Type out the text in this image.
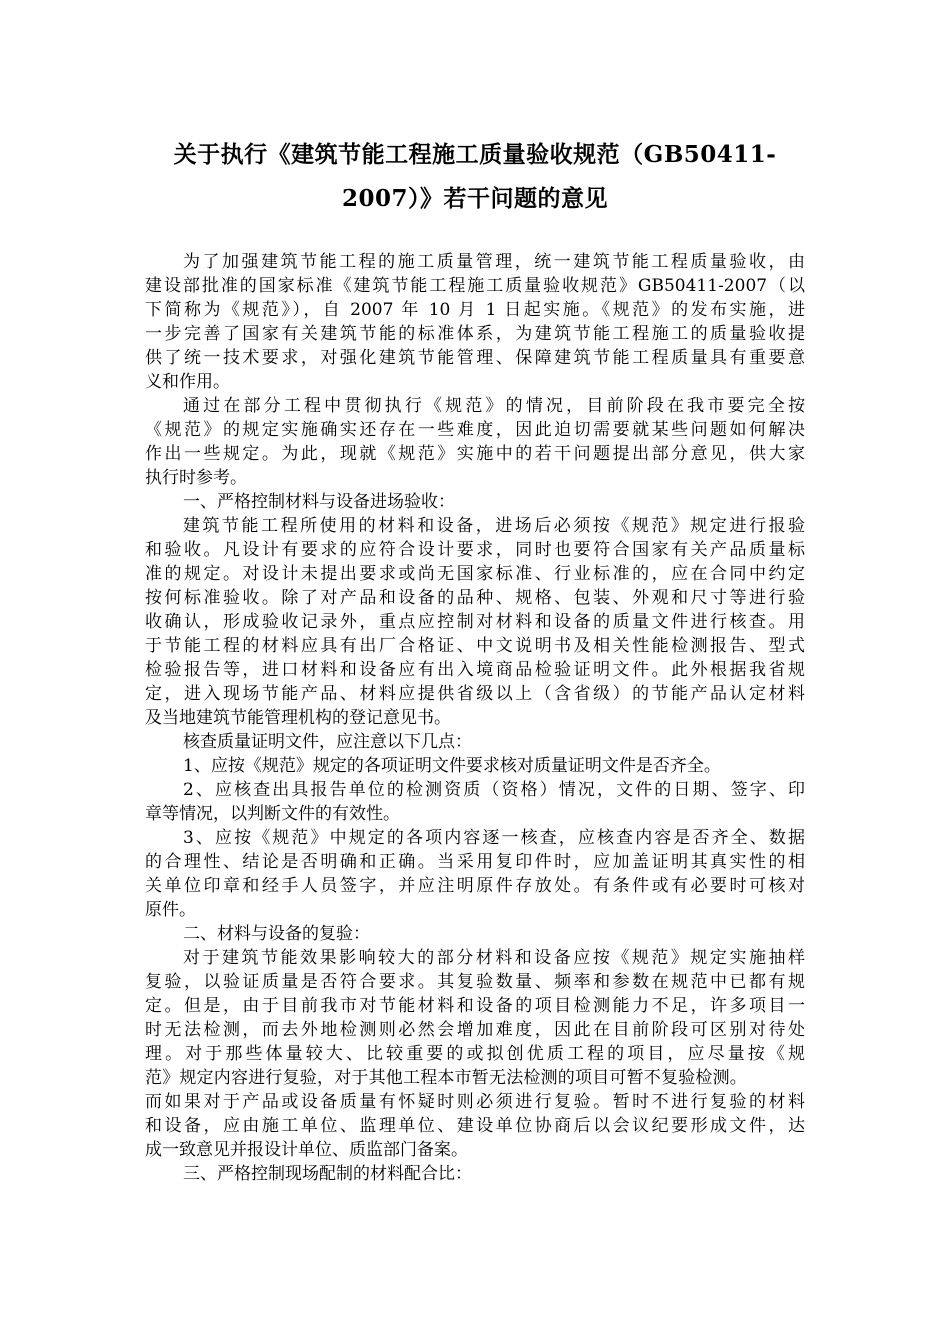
关于执行《建筑节能工程施工质量验收规范（GB50411-
2007）》若干问题的意见
为了加强建筑节能工程的施工质量管理，统一建筑节能工程质量验收，由
建设部批准的国家标准《建筑节能工程施工质量验收规范》GB50411-2007（以
下简称为《规范》），自 2007 年 10 月 1 日起实施。《规范》的发布实施，进
一步完善了国家有关建筑节能的标准体系，为建筑节能工程施工的质量验收提
供了统一技术要求，对强化建筑节能管理、保障建筑节能工程质量具有重要意
义和作用。
通过在部分工程中贯彻执行《规范》的情况，目前阶段在我市要完全按
《规范》的规定实施确实还存在一些难度，因此迫切需要就某些问题如何解决
作出一些规定。为此，现就《规范》实施中的若干问题提出部分意见，供大家
执行时参考。
一、严格控制材料与设备进场验收：
建筑节能工程所使用的材料和设备，进场后必须按《规范》规定进行报验
和验收。凡设计有要求的应符合设计要求，同时也要符合国家有关产品质量标
准的规定。对设计未提出要求或尚无国家标准、行业标准的，应在合同中约定
按何标准验收。除了对产品和设备的品种、规格、包装、外观和尺寸等进行验
收确认，形成验收记录外，重点应控制对材料和设备的质量文件进行核查。用
于节能工程的材料应具有出厂合格证、中文说明书及相关性能检测报告、型式
检验报告等，进口材料和设备应有出入境商品检验证明文件。此外根据我省规
定，进入现场节能产品、材料应提供省级以上（含省级）的节能产品认定材料
及当地建筑节能管理机构的登记意见书。
核查质量证明文件，应注意以下几点：
1、应按《规范》规定的各项证明文件要求核对质量证明文件是否齐全。
2、应核查出具报告单位的检测资质（资格）情况，文件的日期、签字、印
章等情况，以判断文件的有效性。
3、应按《规范》中规定的各项内容逐一核查，应核查内容是否齐全、数据
的合理性、结论是否明确和正确。当采用复印件时，应加盖证明其真实性的相
关单位印章和经手人员签字，并应注明原件存放处。有条件或有必要时可核对
原件。
二、材料与设备的复验：
对于建筑节能效果影响较大的部分材料和设备应按《规范》规定实施抽样
复验，以验证质量是否符合要求。其复验数量、频率和参数在规范中已都有规
定。但是，由于目前我市对节能材料和设备的项目检测能力不足，许多项目一
时无法检测，而去外地检测则必然会增加难度，因此在目前阶段可区别对待处
理。对于那些体量较大、比较重要的或拟创优质工程的项目，应尽量按《规
范》规定内容进行复验，对于其他工程本市暂无法检测的项目可暂不复验检测。
而如果对于产品或设备质量有怀疑时则必须进行复验。暂时不进行复验的材料
和设备，应由施工单位、监理单位、建设单位协商后以会议纪要形成文件，达
成一致意见并报设计单位、质监部门备案。
三、严格控制现场配制的材料配合比：
